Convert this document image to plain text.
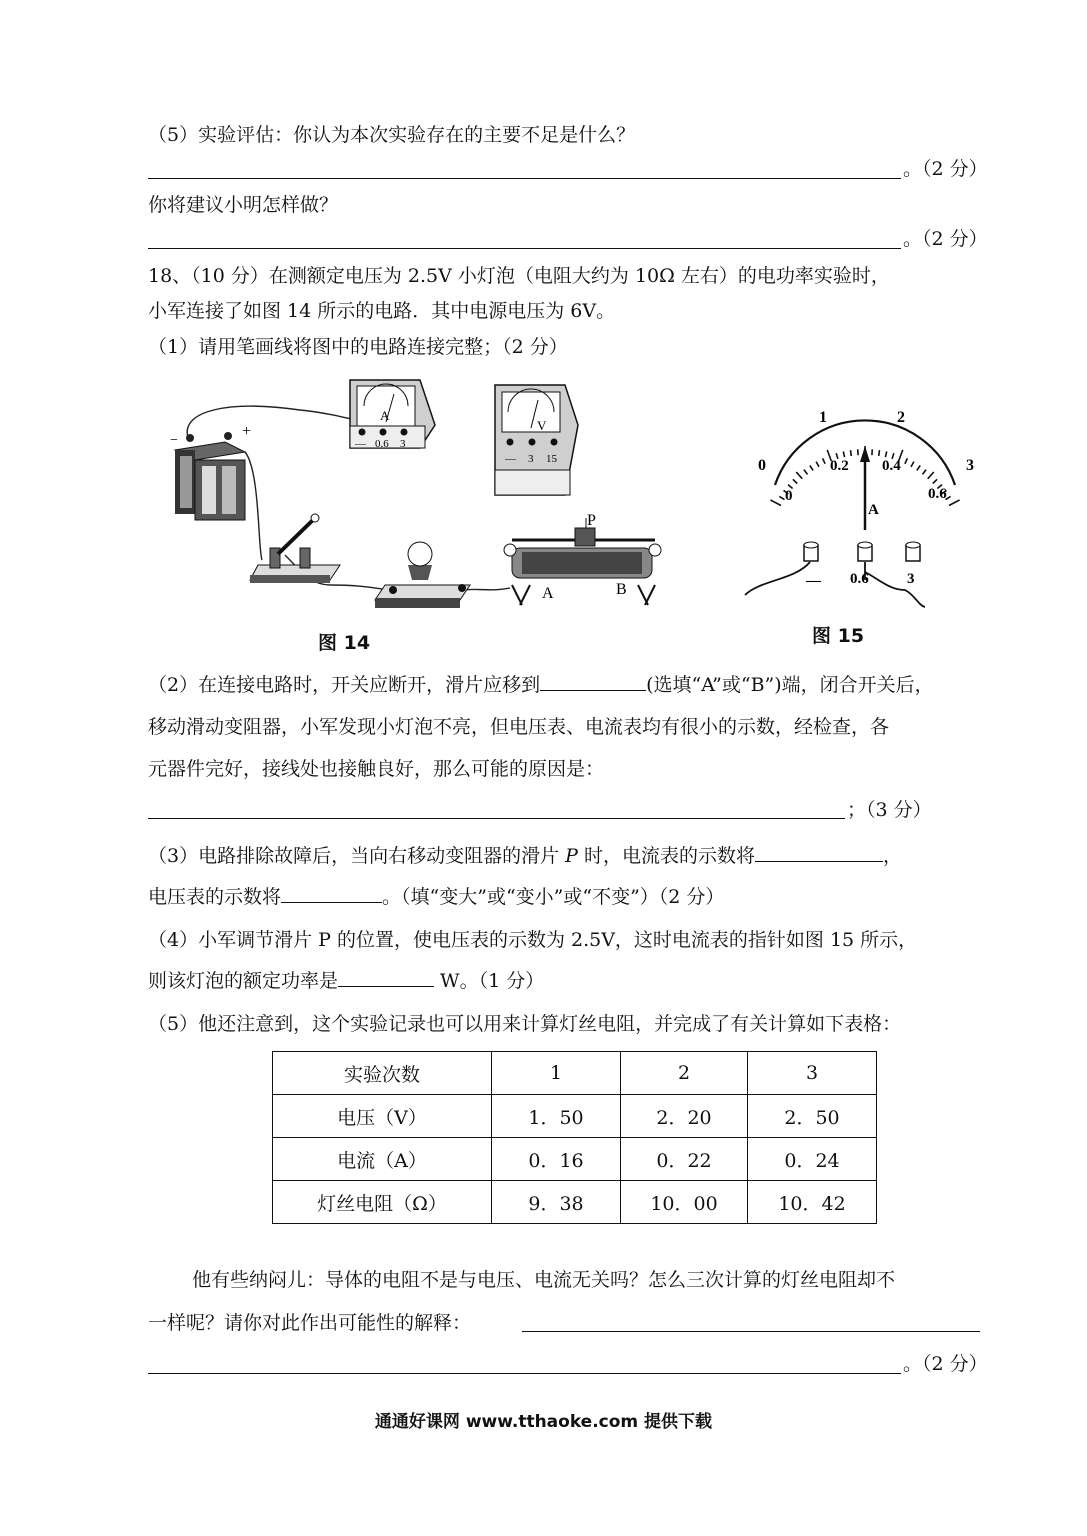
（5）实验评估：你认为本次实验存在的主要不足是什么？
。（2 分）
你将建议小明怎样做？
。（2 分）
18、（10 分）在测额定电压为 2.5V 小灯泡（电阻大约为 10Ω 左右）的电功率实验时，
小军连接了如图 14 所示的电路．其中电源电压为 6V。
（1）请用笔画线将图中的电路连接完整；（2 分）
−
+
A
— 0.6 3
V
— 3 15
P
A	B
图 14
0
1	2
3
0
0.2 0.4
0.6
A
— 0.6	3
图 15
（2）在连接电路时，开关应断开，滑片应移到	(选填“A”或“B”)端，闭合开关后，
移动滑动变阻器，小军发现小灯泡不亮，但电压表、电流表均有很小的示数，经检查，各
元器件完好，接线处也接触良好，那么可能的原因是：
；（3 分）
（3）电路排除故障后，当向右移动变阻器的滑片 P 时，电流表的示数将	，
电压表的示数将	。（填“变大”或“变小”或“不变”）（2 分）
（4）小军调节滑片 P 的位置，使电压表的示数为 2.5V，这时电流表的指针如图 15 所示，
则该灯泡的额定功率是	W。（1 分）
（5）他还注意到，这个实验记录也可以用来计算灯丝电阻，并完成了有关计算如下表格：
实验次数	1	2	3
电压（V）	1．50	2．20	2．50
电流（A）	0．16	0．22	0．24
灯丝电阻（Ω）	9．38	10．00	10．42
他有些纳闷儿：导体的电阻不是与电压、电流无关吗？怎么三次计算的灯丝电阻却不
一样呢？请你对此作出可能性的解释：
。（2 分）
通通好课网 www.tthaoke.com 提供下载
